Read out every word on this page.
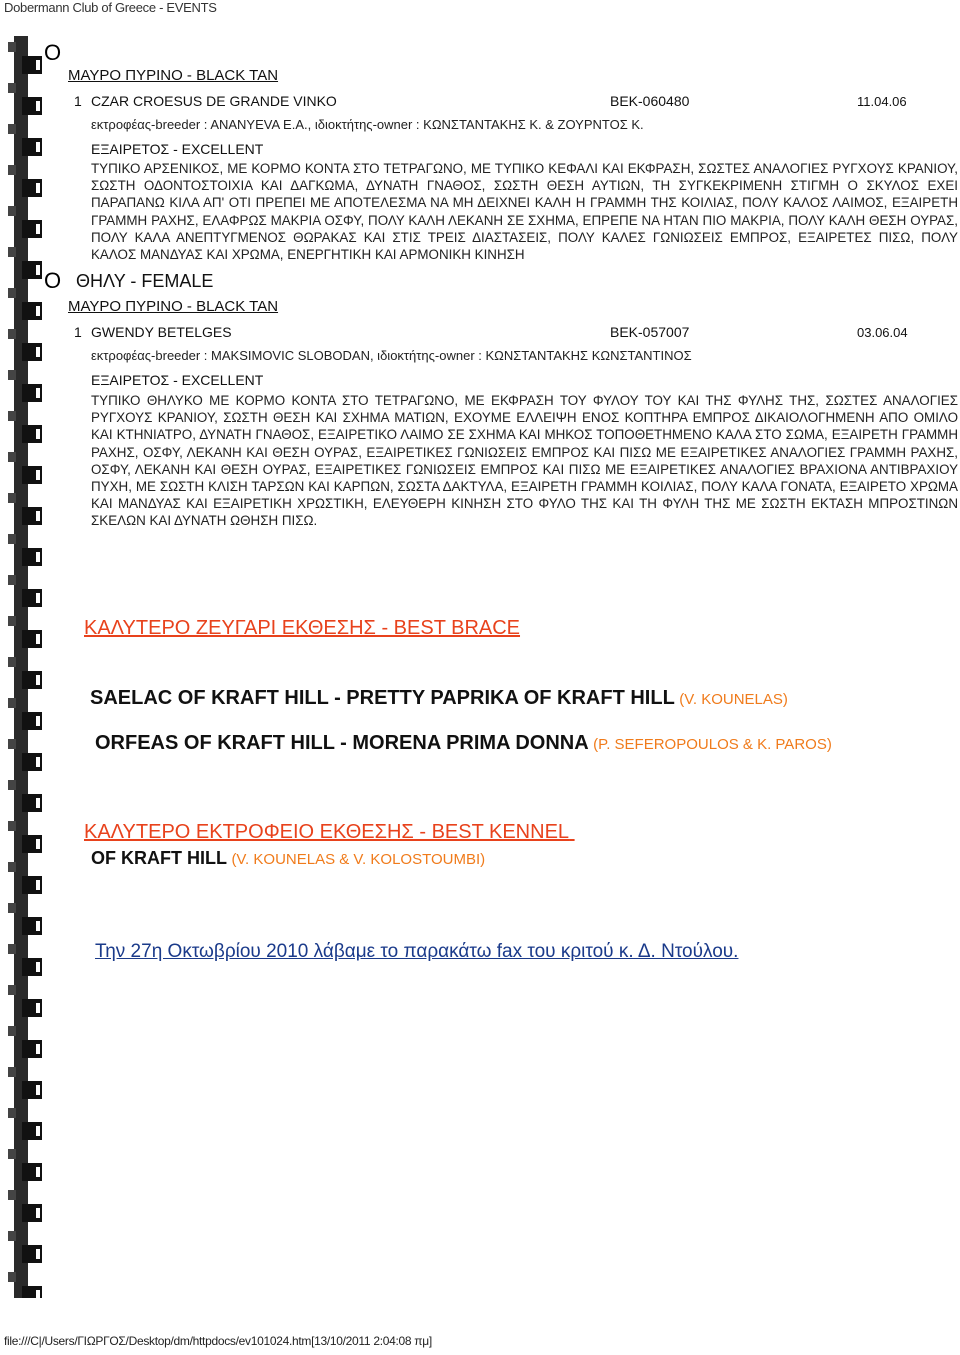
Dobermann Club of Greece - EVENTS
O
ΜΑΥΡΟ ΠΥΡΙΝΟ - BLACK TAN
1 CZAR CROESUS DE GRANDE VINKO	BEK-060480	11.04.06
εκτροφέας-breeder : ANANYEVA E.A., ιδιοκτήτης-owner : ΚΩΝΣΤΑΝΤΑΚΗΣ Κ. & ΖΟΥΡΝΤΟΣ Κ.
ΕΞΑΙΡΕΤΟΣ - EXCELLENT

ΤΥΠΙΚΟ ΑΡΣΕΝΙΚΟΣ, ΜΕ ΚΟΡΜΟ ΚΟΝΤΑ ΣΤΟ ΤΕΤΡΑΓΩΝΟ, ΜΕ ΤΥΠΙΚΟ ΚΕΦΑΛΙ ΚΑΙ ΕΚΦΡΑΣΗ, ΣΩΣΤΕΣ ΑΝΑΛΟΓΙΕΣ ΡΥΓΧΟΥΣ ΚΡΑΝΙΟΥ, ΣΩΣΤΗ ΟΔΟΝΤΟΣΤΟΙΧΙΑ ΚΑΙ ΔΑΓΚΩΜΑ, ΔΥΝΑΤΗ ΓΝΑΘΟΣ, ΣΩΣΤΗ ΘΕΣΗ ΑΥΤΙΩΝ, ΤΗ ΣΥΓΚΕΚΡΙΜΕΝΗ ΣΤΙΓΜΗ Ο ΣΚΥΛΟΣ ΕΧΕΙ ΠΑΡΑΠΑΝΩ ΚΙΛΑ ΑΠ' ΟΤΙ ΠΡΕΠΕΙ ΜΕ ΑΠΟΤΕΛΕΣΜΑ ΝΑ ΜΗ ΔΕΙΧΝΕΙ ΚΑΛΗ Η ΓΡΑΜΜΗ ΤΗΣ ΚΟΙΛΙΑΣ, ΠΟΛΥ ΚΑΛΟΣ ΛΑΙΜΟΣ, ΕΞΑΙΡΕΤΗ ΓΡΑΜΜΗ ΡΑΧΗΣ, ΕΛΑΦΡΩΣ ΜΑΚΡΙΑ ΟΣΦΥ, ΠΟΛΥ ΚΑΛΗ ΛΕΚΑΝΗ ΣΕ ΣΧΗΜΑ, ΕΠΡΕΠΕ ΝΑ ΗΤΑΝ ΠΙΟ ΜΑΚΡΙΑ, ΠΟΛΥ ΚΑΛΗ ΘΕΣΗ ΟΥΡΑΣ, ΠΟΛΥ ΚΑΛΑ ΑΝΕΠΤΥΓΜΕΝΟΣ ΘΩΡΑΚΑΣ ΚΑΙ ΣΤΙΣ ΤΡΕΙΣ ΔΙΑΣΤΑΣΕΙΣ, ΠΟΛΥ ΚΑΛΕΣ ΓΩΝΙΩΣΕΙΣ ΕΜΠΡΟΣ, ΕΞΑΙΡΕΤΕΣ ΠΙΣΩ, ΠΟΛΥ ΚΑΛΟΣ ΜΑΝΔΥΑΣ ΚΑΙ ΧΡΩΜΑ, ΕΝΕΡΓΗΤΙΚΗ ΚΑΙ ΑΡΜΟΝΙΚΗ ΚΙΝΗΣΗ

O ΘΗΛΥ - FEMALE
ΜΑΥΡΟ ΠΥΡΙΝΟ - BLACK TAN
1 GWENDY BETELGES	BEK-057007	03.06.04
εκτροφέας-breeder : MAKSIMOVIC SLOBODAN, ιδιοκτήτης-owner : ΚΩΝΣΤΑΝΤΑΚΗΣ ΚΩΝΣΤΑΝΤΙΝΟΣ
ΕΞΑΙΡΕΤΟΣ - EXCELLENT

ΤΥΠΙΚΟ ΘΗΛΥΚΟ ΜΕ ΚΟΡΜΟ ΚΟΝΤΑ ΣΤΟ ΤΕΤΡΑΓΩΝΟ, ΜΕ ΕΚΦΡΑΣΗ ΤΟΥ ΦΥΛΟΥ ΤΟΥ ΚΑΙ ΤΗΣ ΦΥΛΗΣ ΤΗΣ, ΣΩΣΤΕΣ ΑΝΑΛΟΓΙΕΣ ΡΥΓΧΟΥΣ ΚΡΑΝΙΟΥ, ΣΩΣΤΗ ΘΕΣΗ ΚΑΙ ΣΧΗΜΑ ΜΑΤΙΩΝ, ΕΧΟΥΜΕ ΕΛΛΕΙΨΗ ΕΝΟΣ ΚΟΠΤΗΡΑ ΕΜΠΡΟΣ ΔΙΚΑΙΟΛΟΓΗΜΕΝΗ ΑΠΟ ΟΜΙΛΟ ΚΑΙ ΚΤΗΝΙΑΤΡΟ, ΔΥΝΑΤΗ ΓΝΑΘΟΣ, ΕΞΑΙΡΕΤΙΚΟ ΛΑΙΜΟ ΣΕ ΣΧΗΜΑ ΚΑΙ ΜΗΚΟΣ ΤΟΠΟΘΕΤΗΜΕΝΟ ΚΑΛΑ ΣΤΟ ΣΩΜΑ, ΕΞΑΙΡΕΤΗ ΓΡΑΜΜΗ ΡΑΧΗΣ, ΟΣΦΥ, ΛΕΚΑΝΗ ΚΑΙ ΘΕΣΗ ΟΥΡΑΣ, ΕΞΑΙΡΕΤΙΚΕΣ ΓΩΝΙΩΣΕΙΣ ΕΜΠΡΟΣ ΚΑΙ ΠΙΣΩ ΜΕ ΕΞΑΙΡΕΤΙΚΕΣ ΑΝΑΛΟΓΙΕΣ ΓΡΑΜΜΗ ΡΑΧΗΣ, ΟΣΦΥ, ΛΕΚΑΝΗ ΚΑΙ ΘΕΣΗ ΟΥΡΑΣ, ΕΞΑΙΡΕΤΙΚΕΣ ΓΩΝΙΩΣΕΙΣ ΕΜΠΡΟΣ ΚΑΙ ΠΙΣΩ ΜΕ ΕΞΑΙΡΕΤΙΚΕΣ ΑΝΑΛΟΓΙΕΣ ΒΡΑΧΙΟΝΑ ΑΝΤΙΒΡΑΧΙΟΥ ΠΥΧΗ, ΜΕ ΣΩΣΤΗ ΚΛΙΣΗ ΤΑΡΣΩΝ ΚΑΙ ΚΑΡΠΩΝ, ΣΩΣΤΑ ΔΑΚΤΥΛΑ, ΕΞΑΙΡΕΤΗ ΓΡΑΜΜΗ ΚΟΙΛΙΑΣ, ΠΟΛΥ ΚΑΛΑ ΓΟΝΑΤΑ, ΕΞΑΙΡΕΤΟ ΧΡΩΜΑ ΚΑΙ ΜΑΝΔΥΑΣ ΚΑΙ ΕΞΑΙΡΕΤΙΚΗ ΧΡΩΣΤΙΚΗ, ΕΛΕΥΘΕΡΗ ΚΙΝΗΣΗ ΣΤΟ ΦΥΛΟ ΤΗΣ ΚΑΙ ΤΗ ΦΥΛΗ ΤΗΣ ΜΕ ΣΩΣΤΗ ΕΚΤΑΣΗ ΜΠΡΟΣΤΙΝΩΝ ΣΚΕΛΩΝ ΚΑΙ ΔΥΝΑΤΗ ΩΘΗΣΗ ΠΙΣΩ.

ΚΑΛΥΤΕΡΟ ΖΕΥΓΑΡΙ ΕΚΘΕΣΗΣ - BEST BRACE
SAELAC OF KRAFT HILL - PRETTY PAPRIKA OF KRAFT HILL (V. KOUNELAS)
ORFEAS OF KRAFT HILL - MORENA PRIMA DONNA (P. SEFEROPOULOS & K. PAROS)
ΚΑΛΥΤΕΡΟ ΕΚΤΡΟΦΕΙΟ ΕΚΘΕΣΗΣ - BEST KENNEL
OF KRAFT HILL (V. KOUNELAS & V. KOLOSTOUMBI)
Την 27η Οκτωβρίου 2010 λάβαμε το παρακάτω fax του κριτού κ. Δ. Ντούλου.
file:///C|/Users/ΓΙΩΡΓΟΣ/Desktop/dm/httpdocs/ev101024.htm[13/10/2011 2:04:08 πμ]
